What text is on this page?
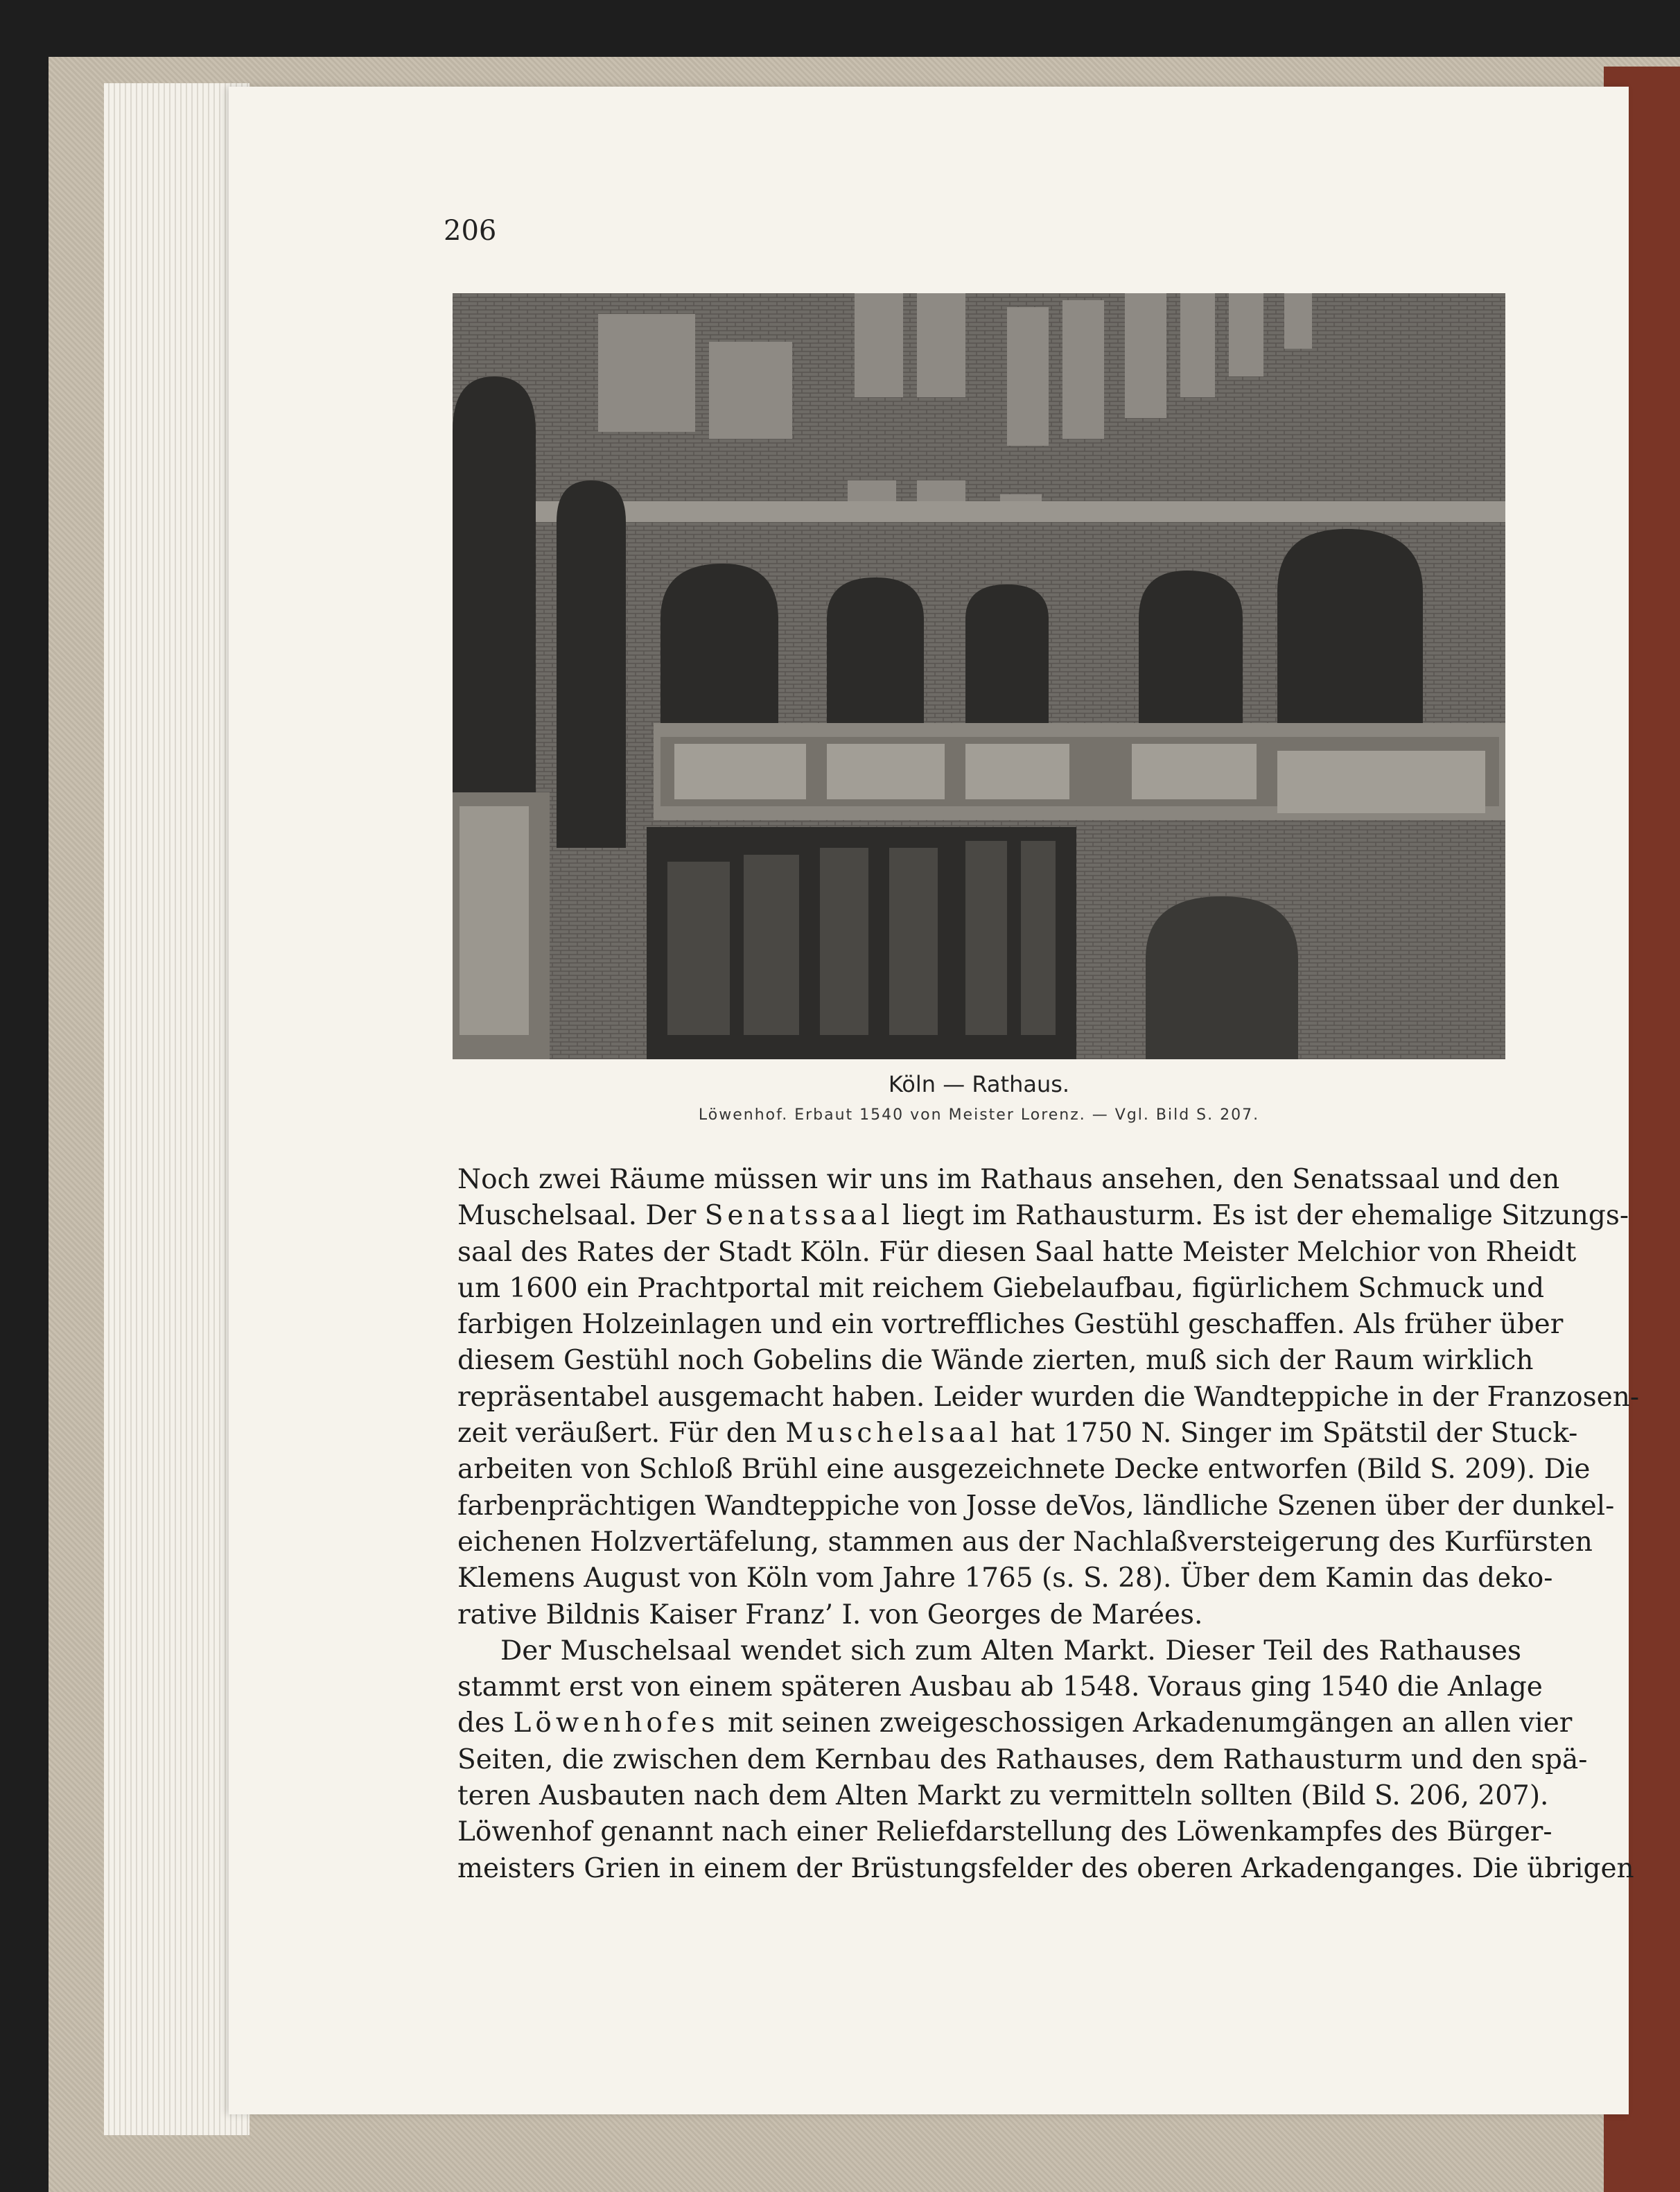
206
Köln — Rathaus.
Löwenhof. Erbaut 1540 von Meister Lorenz. — Vgl. Bild S. 207.
Noch zwei Räume müssen wir uns im Rathaus ansehen, den Senatssaal und den
Muschelsaal. Der Senatssaal liegt im Rathausturm. Es ist der ehemalige Sitzungs-
saal des Rates der Stadt Köln. Für diesen Saal hatte Meister Melchior von Rheidt
um 1600 ein Prachtportal mit reichem Giebelaufbau, figürlichem Schmuck und
farbigen Holzeinlagen und ein vortreffliches Gestühl geschaffen. Als früher über
diesem Gestühl noch Gobelins die Wände zierten, muß sich der Raum wirklich
repräsentabel ausgemacht haben. Leider wurden die Wandteppiche in der Franzosen-
zeit veräußert. Für den Muschelsaal hat 1750 N. Singer im Spätstil der Stuck-
arbeiten von Schloß Brühl eine ausgezeichnete Decke entworfen (Bild S. 209). Die
farbenprächtigen Wandteppiche von Josse deVos, ländliche Szenen über der dunkel-
eichenen Holzvertäfelung, stammen aus der Nachlaßversteigerung des Kurfürsten
Klemens August von Köln vom Jahre 1765 (s. S. 28). Über dem Kamin das deko-
rative Bildnis Kaiser Franz’ I. von Georges de Marées.
Der Muschelsaal wendet sich zum Alten Markt. Dieser Teil des Rathauses
stammt erst von einem späteren Ausbau ab 1548. Voraus ging 1540 die Anlage
des Löwenhofes mit seinen zweigeschossigen Arkadenumgängen an allen vier
Seiten, die zwischen dem Kernbau des Rathauses, dem Rathausturm und den spä-
teren Ausbauten nach dem Alten Markt zu vermitteln sollten (Bild S. 206, 207).
Löwenhof genannt nach einer Reliefdarstellung des Löwenkampfes des Bürger-
meisters Grien in einem der Brüstungsfelder des oberen Arkadenganges. Die übrigen
